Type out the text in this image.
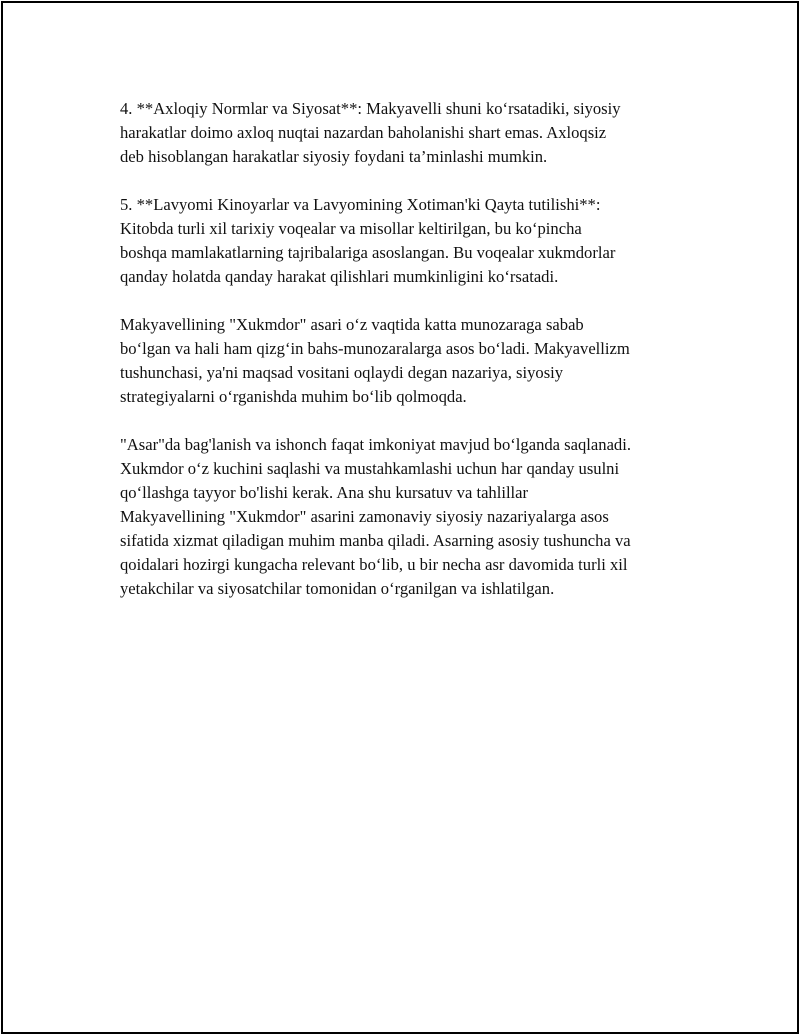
4. **Axloqiy Normlar va Siyosat**: Makyavelli shuni ko‘rsatadiki, siyosiy
harakatlar doimo axloq nuqtai nazardan baholanishi shart emas. Axloqsiz
deb hisoblangan harakatlar siyosiy foydani ta’minlashi mumkin.
5. **Lavyomi Kinoyarlar va Lavyomining Xotiman'ki Qayta tutilishi**:
Kitobda turli xil tarixiy voqealar va misollar keltirilgan, bu ko‘pincha
boshqa mamlakatlarning tajribalariga asoslangan. Bu voqealar xukmdorlar
qanday holatda qanday harakat qilishlari mumkinligini ko‘rsatadi.
Makyavellining "Xukmdor" asari o‘z vaqtida katta munozaraga sabab
bo‘lgan va hali ham qizg‘in bahs-munozaralarga asos bo‘ladi. Makyavellizm
tushunchasi, ya'ni maqsad vositani oqlaydi degan nazariya, siyosiy
strategiyalarni o‘rganishda muhim bo‘lib qolmoqda.
"Asar"da bag'lanish va ishonch faqat imkoniyat mavjud bo‘lganda saqlanadi.
Xukmdor o‘z kuchini saqlashi va mustahkamlashi uchun har qanday usulni
qo‘llashga tayyor bo'lishi kerak. Ana shu kursatuv va tahlillar
Makyavellining "Xukmdor" asarini zamonaviy siyosiy nazariyalarga asos
sifatida xizmat qiladigan muhim manba qiladi. Asarning asosiy tushuncha va
qoidalari hozirgi kungacha relevant bo‘lib, u bir necha asr davomida turli xil
yetakchilar va siyosatchilar tomonidan o‘rganilgan va ishlatilgan.
